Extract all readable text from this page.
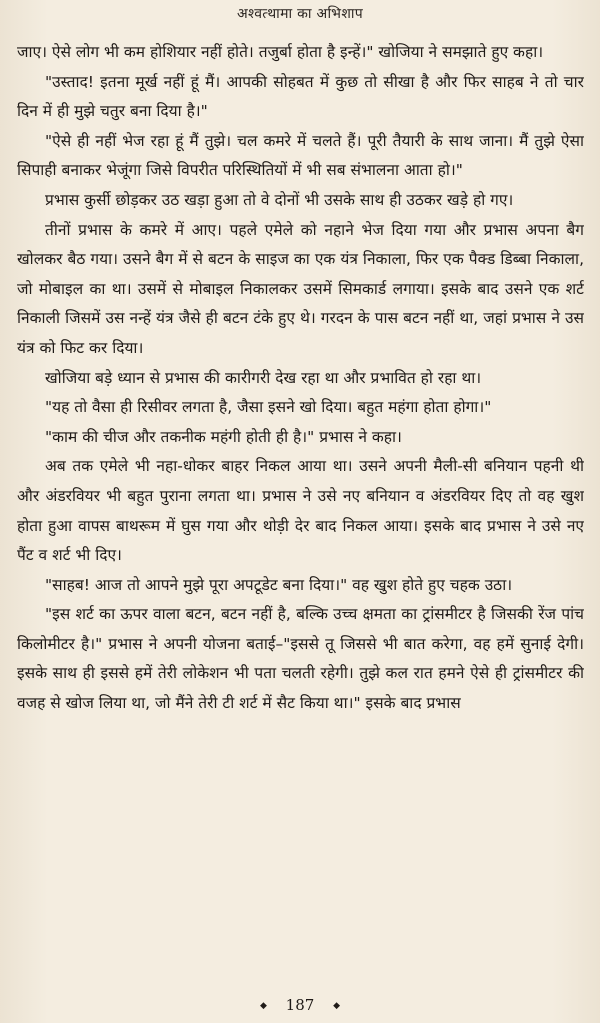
अश्वत्थामा का अभिशाप

जाए। ऐसे लोग भी कम होशियार नहीं होते। तजुर्बा होता है इन्हें।" खोजिया ने समझाते हुए कहा।

"उस्ताद! इतना मूर्ख नहीं हूं मैं। आपकी सोहबत में कुछ तो सीखा है और फिर साहब ने तो चार दिन में ही मुझे चतुर बना दिया है।"

"ऐसे ही नहीं भेज रहा हूं मैं तुझे। चल कमरे में चलते हैं। पूरी तैयारी के साथ जाना। मैं तुझे ऐसा सिपाही बनाकर भेजूंगा जिसे विपरीत परिस्थितियों में भी सब संभालना आता हो।"

प्रभास कुर्सी छोड़कर उठ खड़ा हुआ तो वे दोनों भी उसके साथ ही उठकर खड़े हो गए।

तीनों प्रभास के कमरे में आए। पहले एमेले को नहाने भेज दिया गया और प्रभास अपना बैग खोलकर बैठ गया। उसने बैग में से बटन के साइज का एक यंत्र निकाला, फिर एक पैक्ड डिब्बा निकाला, जो मोबाइल का था। उसमें से मोबाइल निकालकर उसमें सिमकार्ड लगाया। इसके बाद उसने एक शर्ट निकाली जिसमें उस नन्हें यंत्र जैसे ही बटन टंके हुए थे। गरदन के पास बटन नहीं था, जहां प्रभास ने उस यंत्र को फिट कर दिया।

खोजिया बड़े ध्यान से प्रभास की कारीगरी देख रहा था और प्रभावित हो रहा था।

"यह तो वैसा ही रिसीवर लगता है, जैसा इसने खो दिया। बहुत महंगा होता होगा।"

"काम की चीज और तकनीक महंगी होती ही है।" प्रभास ने कहा।

अब तक एमेले भी नहा-धोकर बाहर निकल आया था। उसने अपनी मैली-सी बनियान पहनी थी और अंडरवियर भी बहुत पुराना लगता था। प्रभास ने उसे नए बनियान व अंडरवियर दिए तो वह खुश होता हुआ वापस बाथरूम में घुस गया और थोड़ी देर बाद निकल आया। इसके बाद प्रभास ने उसे नए पैंट व शर्ट भी दिए।

"साहब! आज तो आपने मुझे पूरा अपटूडेट बना दिया।" वह खुश होते हुए चहक उठा।

"इस शर्ट का ऊपर वाला बटन, बटन नहीं है, बल्कि उच्च क्षमता का ट्रांसमीटर है जिसकी रेंज पांच किलोमीटर है।" प्रभास ने अपनी योजना बताई–"इससे तू जिससे भी बात करेगा, वह हमें सुनाई देगी। इसके साथ ही इससे हमें तेरी लोकेशन भी पता चलती रहेगी। तुझे कल रात हमने ऐसे ही ट्रांसमीटर की वजह से खोज लिया था, जो मैंने तेरी टी शर्ट में सैट किया था।" इसके बाद प्रभास

◆ 187 ◆
